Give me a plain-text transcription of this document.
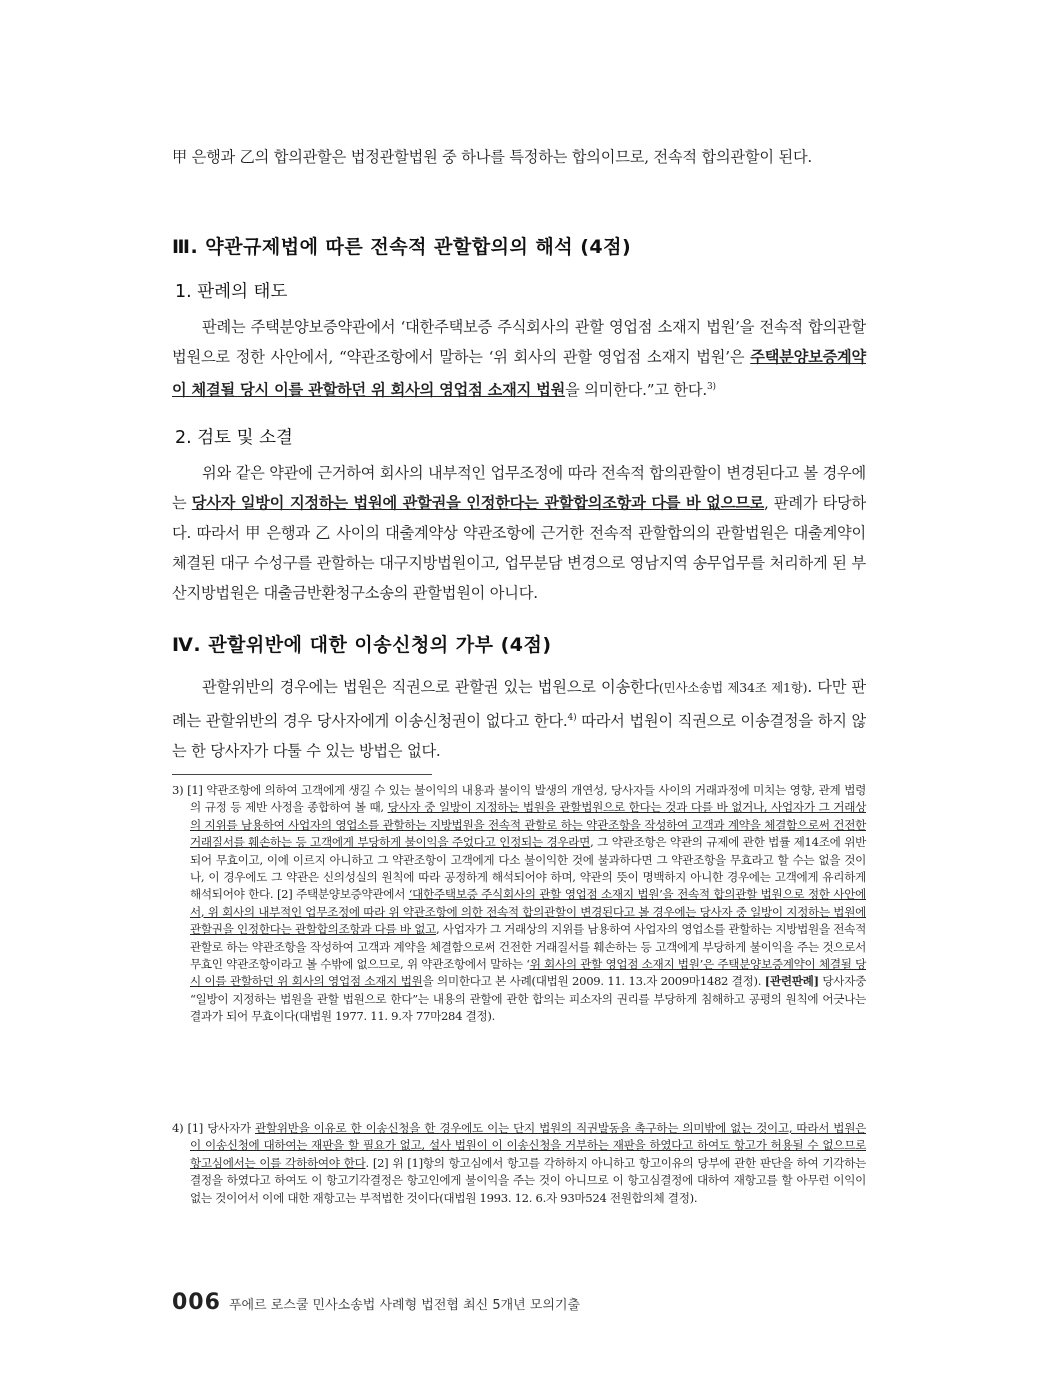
甲 은행과 乙의 합의관할은 법정관할법원 중 하나를 특정하는 합의이므로, 전속적 합의관할이 된다.
Ⅲ. 약관규제법에 따른 전속적 관할합의의 해석 (4점)
1. 판례의 태도
판례는 주택분양보증약관에서 ‘대한주택보증 주식회사의 관할 영업점 소재지 법원’을 전속적 합의관할 법원으로 정한 사안에서, “약관조항에서 말하는 ‘위 회사의 관할 영업점 소재지 법원’은 주택분양보증계약이 체결될 당시 이를 관할하던 위 회사의 영업점 소재지 법원을 의미한다.”고 한다.$^{3)}$
2. 검토 및 소결
위와 같은 약관에 근거하여 회사의 내부적인 업무조정에 따라 전속적 합의관할이 변경된다고 볼 경우에는 당사자 일방이 지정하는 법원에 관할권을 인정한다는 관할합의조항과 다를 바 없으므로, 판례가 타당하다. 따라서 甲 은행과 乙 사이의 대출계약상 약관조항에 근거한 전속적 관할합의의 관할법원은 대출계약이 체결된 대구 수성구를 관할하는 대구지방법원이고, 업무분담 변경으로 영남지역 송무업무를 처리하게 된 부산지방법원은 대출금반환청구소송의 관할법원이 아니다.
Ⅳ. 관할위반에 대한 이송신청의 가부 (4점)
관할위반의 경우에는 법원은 직권으로 관할권 있는 법원으로 이송한다(민사소송법 제34조 제1항). 다만 판례는 관할위반의 경우 당사자에게 이송신청권이 없다고 한다.$^{4)}$ 따라서 법원이 직권으로 이송결정을 하지 않는 한 당사자가 다툴 수 있는 방법은 없다.
3) [1] 약관조항에 의하여 고객에게 생길 수 있는 불이익의 내용과 불이익 발생의 개연성, 당사자들 사이의 거래과정에 미치는 영향, 관계 법령의 규정 등 제반 사정을 종합하여 볼 때, 당사자 중 일방이 지정하는 법원을 관할법원으로 한다는 것과 다를 바 없거나, 사업자가 그 거래상의 지위를 남용하여 사업자의 영업소를 관할하는 지방법원을 전속적 관할로 하는 약관조항을 작성하여 고객과 계약을 체결함으로써 건전한 거래질서를 훼손하는 등 고객에게 부당하게 불이익을 주었다고 인정되는 경우라면, 그 약관조항은 약관의 규제에 관한 법률 제14조에 위반되어 무효이고, 이에 이르지 아니하고 그 약관조항이 고객에게 다소 불이익한 것에 불과하다면 그 약관조항을 무효라고 할 수는 없을 것이나, 이 경우에도 그 약관은 신의성실의 원칙에 따라 공정하게 해석되어야 하며, 약관의 뜻이 명백하지 아니한 경우에는 고객에게 유리하게 해석되어야 한다. [2] 주택분양보증약관에서 ‘대한주택보증 주식회사의 관할 영업점 소재지 법원’을 전속적 합의관할 법원으로 정한 사안에서, 위 회사의 내부적인 업무조정에 따라 위 약관조항에 의한 전속적 합의관할이 변경된다고 볼 경우에는 당사자 중 일방이 지정하는 법원에 관할권을 인정한다는 관할합의조항과 다를 바 없고, 사업자가 그 거래상의 지위를 남용하여 사업자의 영업소를 관할하는 지방법원을 전속적 관할로 하는 약관조항을 작성하여 고객과 계약을 체결함으로써 건전한 거래질서를 훼손하는 등 고객에게 부당하게 불이익을 주는 것으로서 무효인 약관조항이라고 볼 수밖에 없으므로, 위 약관조항에서 말하는 ‘위 회사의 관할 영업점 소재지 법원’은 주택분양보증계약이 체결될 당시 이를 관할하던 위 회사의 영업점 소재지 법원을 의미한다고 본 사례(대법원 2009. 11. 13.자 2009마1482 결정). [관련판례] 당사자중 “일방이 지정하는 법원을 관할 법원으로 한다”는 내용의 관할에 관한 합의는 피소자의 권리를 부당하게 침해하고 공평의 원칙에 어긋나는 결과가 되어 무효이다(대법원 1977. 11. 9.자 77마284 결정).
4) [1] 당사자가 관할위반을 이유로 한 이송신청을 한 경우에도 이는 단지 법원의 직권발동을 촉구하는 의미밖에 없는 것이고, 따라서 법원은 이 이송신청에 대하여는 재판을 할 필요가 없고, 설사 법원이 이 이송신청을 거부하는 재판을 하였다고 하여도 항고가 허용될 수 없으므로 항고심에서는 이를 각하하여야 한다. [2] 위 [1]항의 항고심에서 항고를 각하하지 아니하고 항고이유의 당부에 관한 판단을 하여 기각하는 결정을 하였다고 하여도 이 항고기각결정은 항고인에게 불이익을 주는 것이 아니므로 이 항고심결정에 대하여 재항고를 할 아무런 이익이 없는 것이어서 이에 대한 재항고는 부적법한 것이다(대법원 1993. 12. 6.자 93마524 전원합의체 결정).
006 푸에르 로스쿨 민사소송법 사례형 법전협 최신 5개년 모의기출
